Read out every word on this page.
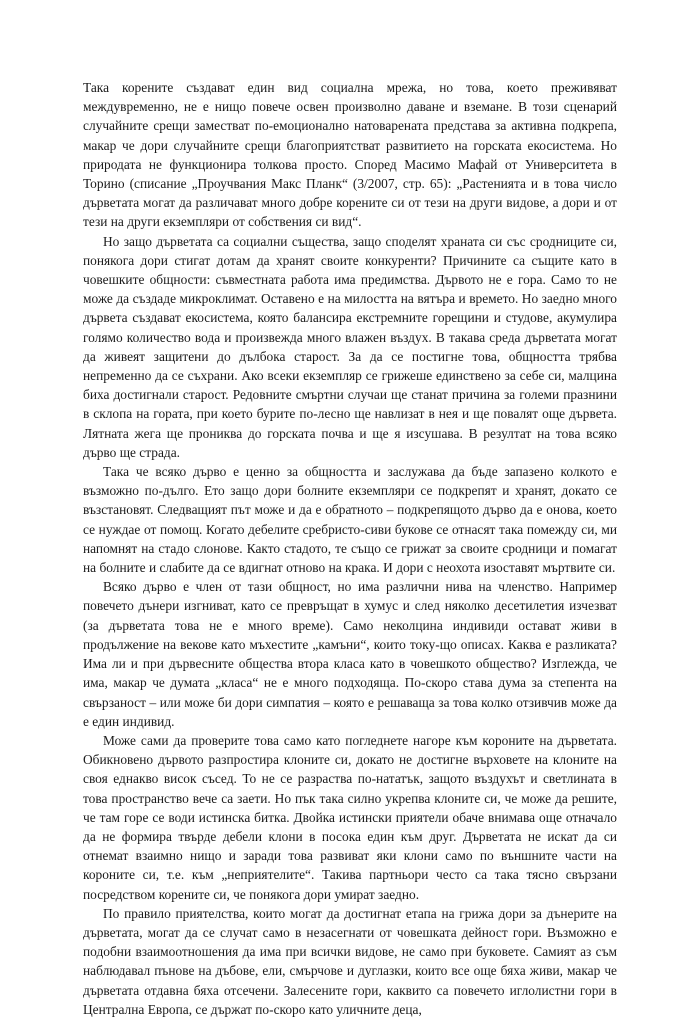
Така корените създават един вид социална мрежа, но това, което преживяват междувременно, не е нищо повече освен произволно даване и вземане. В този сценарий случайните срещи заместват по-емоционално натоварената представа за активна подкрепа, макар че дори случайните срещи благоприятстват развитието на горската екосистема. Но природата не функционира толкова просто. Според Масимо Мафай от Университета в Торино (списание „Проучвания Макс Планк“ (3/2007, стр. 65): „Растенията и в това число дърветата могат да различават много добре корените си от тези на други видове, а дори и от тези на други екземпляри от собствения си вид“.

Но защо дърветата са социални същества, защо споделят храната си със сродниците си, понякога дори стигат дотам да хранят своите конкуренти? Причините са същите като в човешките общности: съвместната работа има предимства. Дървото не е гора. Само то не може да създаде микроклимат. Оставено е на милостта на вятъра и времето. Но заедно много дървета създават екосистема, която балансира екстремните горещини и студове, акумулира голямо количество вода и произвежда много влажен въздух. В такава среда дърветата могат да живеят защитени до дълбока старост. За да се постигне това, общността трябва непременно да се съхрани. Ако всеки екземпляр се грижеше единствено за себе си, малцина биха достигнали старост. Редовните смъртни случаи ще станат причина за големи празнини в склопа на гората, при което бурите по-лесно ще навлизат в нея и ще повалят още дървета. Лятната жега ще прониква до горската почва и ще я изсушава. В резултат на това всяко дърво ще страда.

Така че всяко дърво е ценно за общността и заслужава да бъде запазено колкото е възможно по-дълго. Ето защо дори болните екземпляри се подкрепят и хранят, докато се възстановят. Следващият път може и да е обратното – подкрепящото дърво да е онова, което се нуждае от помощ. Когато дебелите сребристо-сиви букове се отнасят така помежду си, ми напомнят на стадо слонове. Както стадото, те също се грижат за своите сродници и помагат на болните и слабите да се вдигнат отново на крака. И дори с неохота изоставят мъртвите си.

Всяко дърво е член от тази общност, но има различни нива на членство. Например повечето дънери изгниват, като се превръщат в хумус и след няколко десетилетия изчезват (за дърветата това не е много време). Само неколцина индивиди остават живи в продължение на векове като мъхестите „камъни“, които току-що описах. Каква е разликата? Има ли и при дървесните общества втора класа като в човешкото общество? Изглежда, че има, макар че думата „класа“ не е много подходяща. По-скоро става дума за степента на свързаност – или може би дори симпатия – която е решаваща за това колко отзивчив може да е един индивид.

Може сами да проверите това само като погледнете нагоре към короните на дърветата. Обикновено дървото разпростира клоните си, докато не достигне върховете на клоните на своя еднакво висок съсед. То не се разраства по-нататък, защото въздухът и светлината в това пространство вече са заети. Но пък така силно укрепва клоните си, че може да решите, че там горе се води истинска битка. Двойка истински приятели обаче внимава още отначало да не формира твърде дебели клони в посока един към друг. Дърветата не искат да си отнемат взаимно нищо и заради това развиват яки клони само по външните части на короните си, т.е. към „неприятелите“. Такива партньори често са така тясно свързани посредством корените си, че понякога дори умират заедно.

По правило приятелства, които могат да достигнат етапа на грижа дори за дънерите на дърветата, могат да се случат само в незасегнати от човешката дейност гори. Възможно е подобни взаимоотношения да има при всички видове, не само при буковете. Самият аз съм наблюдавал пънове на дъбове, ели, смърчове и дуглазки, които все още бяха живи, макар че дърветата отдавна бяха отсечени. Залесените гори, каквито са повечето иглолистни гори в Централна Европа, се държат по-скоро като уличните деца,
